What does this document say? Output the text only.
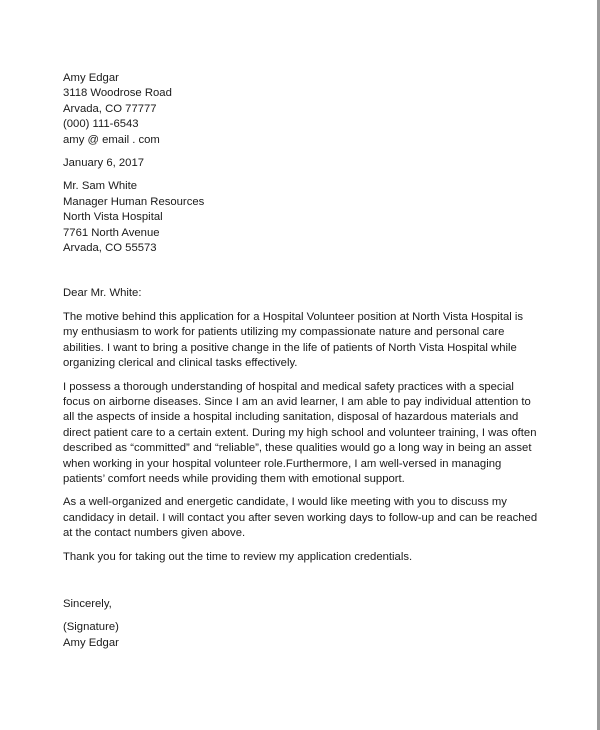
Amy Edgar

3118 Woodrose Road

Arvada, CO 77777

(000) 111-6543

amy @ email . com

January 6, 2017

Mr. Sam White

Manager Human Resources

North Vista Hospital

7761 North Avenue

Arvada, CO 55573

Dear Mr. White:

The motive behind this application for a Hospital Volunteer position at North Vista Hospital is

my enthusiasm to work for patients utilizing my compassionate nature and personal care

abilities. I want to bring a positive change in the life of patients of North Vista Hospital while

organizing clerical and clinical tasks effectively.

I possess a thorough understanding of hospital and medical safety practices with a special

focus on airborne diseases. Since I am an avid learner, I am able to pay individual attention to

all the aspects of inside a hospital including sanitation, disposal of hazardous materials and

direct patient care to a certain extent. During my high school and volunteer training, I was often

described as “committed” and “reliable”, these qualities would go a long way in being an asset

when working in your hospital volunteer role.Furthermore, I am well-versed in managing

patients’ comfort needs while providing them with emotional support.

As a well-organized and energetic candidate, I would like meeting with you to discuss my

candidacy in detail. I will contact you after seven working days to follow-up and can be reached

at the contact numbers given above.

Thank you for taking out the time to review my application credentials.

Sincerely,

(Signature)

Amy Edgar
